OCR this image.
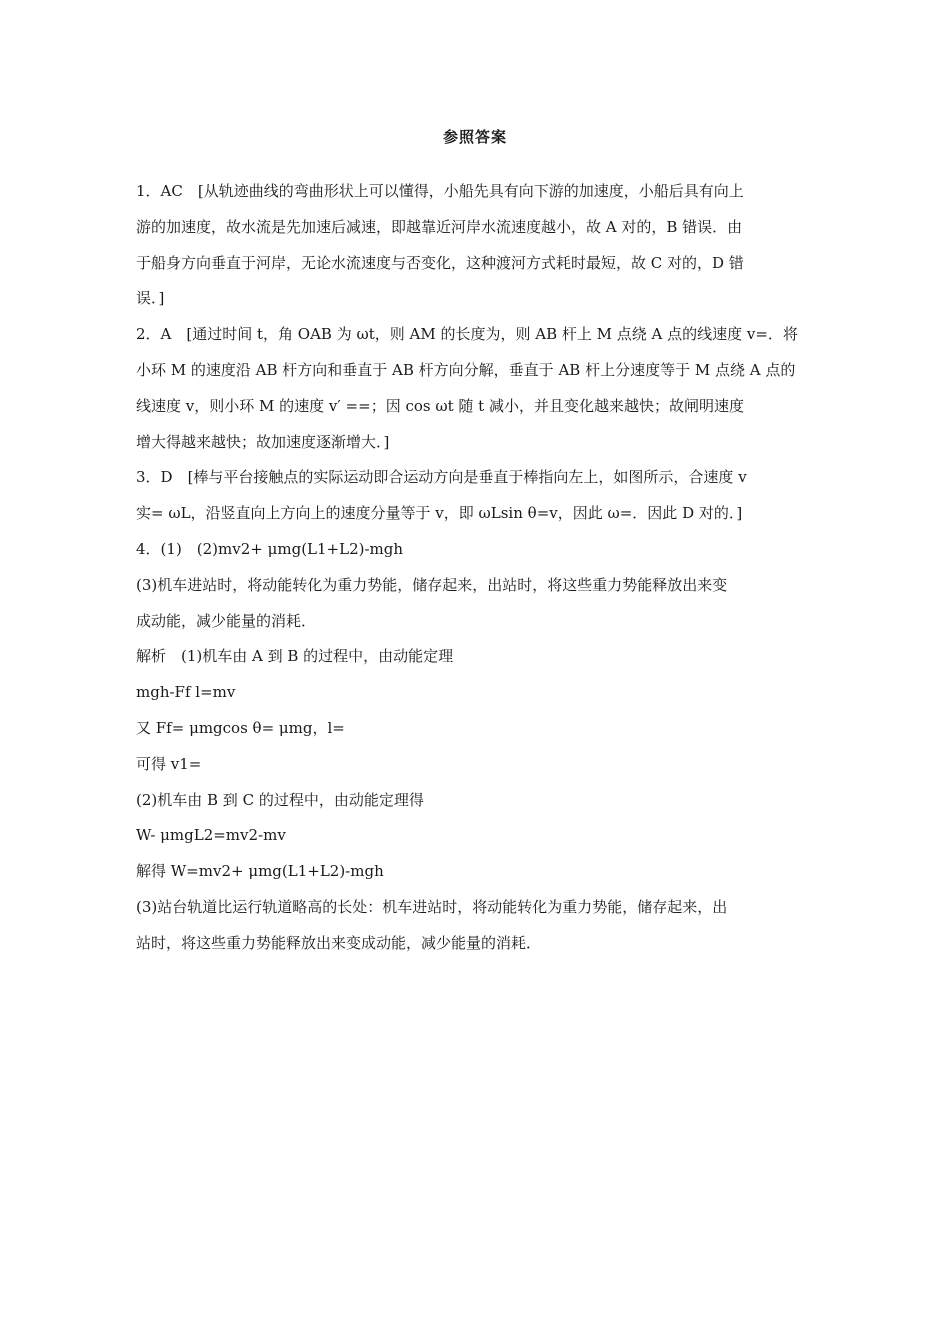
参照答案
1．AC　[从轨迹曲线的弯曲形状上可以懂得，小船先具有向下游的加速度，小船后具有向上
游的加速度，故水流是先加速后减速，即越靠近河岸水流速度越小，故 A 对的，B 错误．由
于船身方向垂直于河岸，无论水流速度与否变化，这种渡河方式耗时最短，故 C 对的，D 错
误．]
2．A　[通过时间 t，角 OAB 为 ωt，则 AM 的长度为，则 AB 杆上 M 点绕 A 点的线速度 v=．将
小环 M 的速度沿 AB 杆方向和垂直于 AB 杆方向分解，垂直于 AB 杆上分速度等于 M 点绕 A 点的
线速度 v，则小环 M 的速度 v′ ==；因 cos ωt 随 t 减小，并且变化越来越快；故闸明速度
增大得越来越快；故加速度逐渐增大．]
3．D　[棒与平台接触点的实际运动即合运动方向是垂直于棒指向左上，如图所示，合速度 v
实= ωL，沿竖直向上方向上的速度分量等于 v，即 ωLsin θ=v，因此 ω=．因此 D 对的．]
4．(1)　(2)mv2+ μmg(L1+L2)-mgh
(3)机车进站时，将动能转化为重力势能，储存起来，出站时，将这些重力势能释放出来变
成动能，减少能量的消耗．
解析　(1)机车由 A 到 B 的过程中，由动能定理
mgh-Ff l=mv
又 Ff= μmgcos θ= μmg，l=
可得 v1=
(2)机车由 B 到 C 的过程中，由动能定理得
W- μmgL2=mv2-mv
解得 W=mv2+ μmg(L1+L2)-mgh
(3)站台轨道比运行轨道略高的长处：机车进站时，将动能转化为重力势能，储存起来，出
站时，将这些重力势能释放出来变成动能，减少能量的消耗．
